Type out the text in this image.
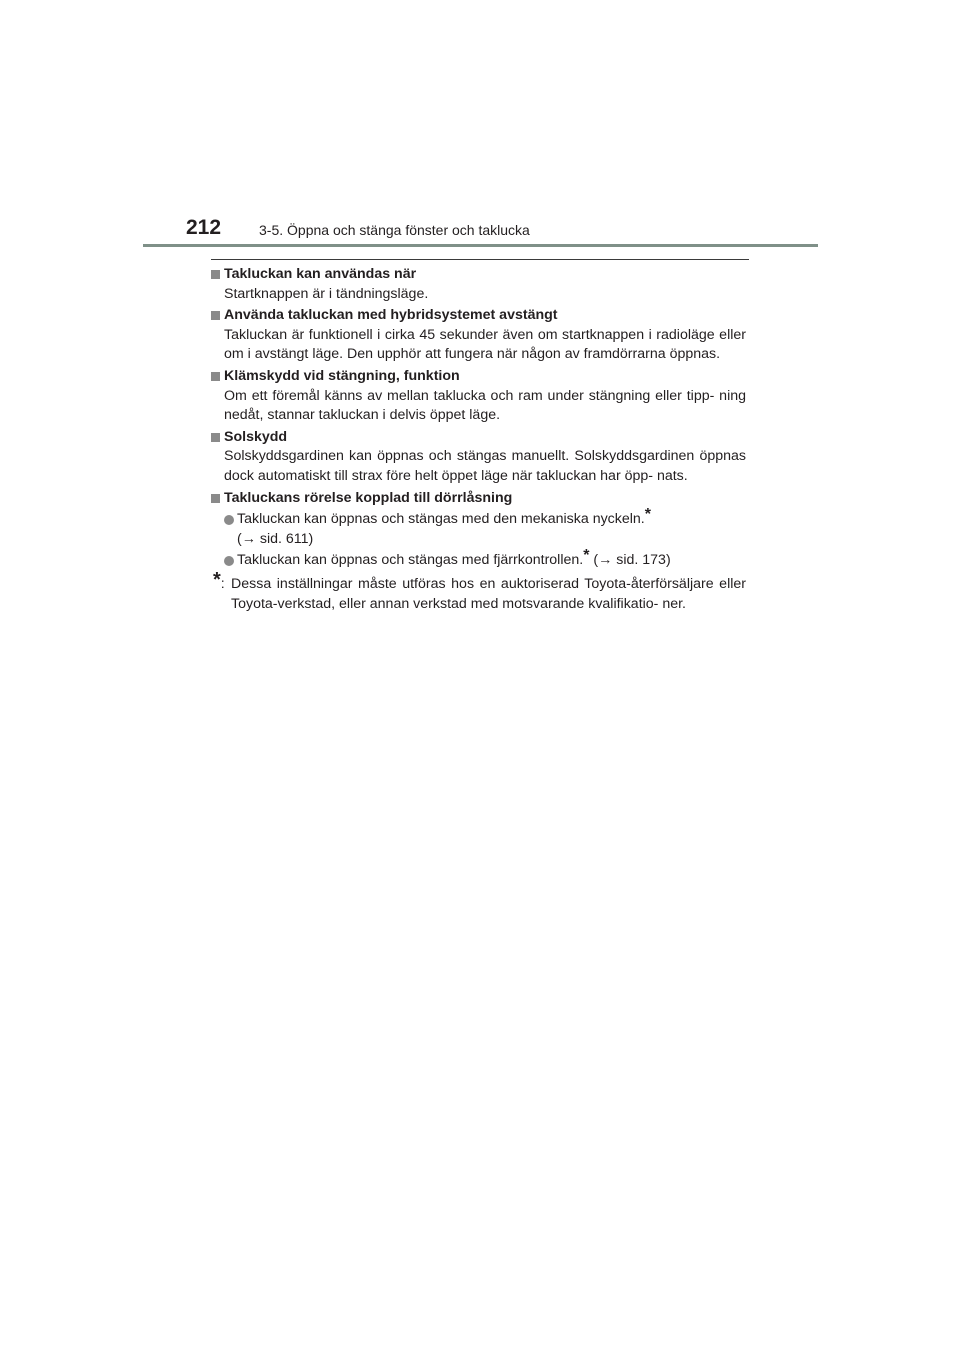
212	3-5. Öppna och stänga fönster och taklucka
Takluckan kan användas när
Startknappen är i tändningsläge.
Använda takluckan med hybridsystemet avstängt
Takluckan är funktionell i cirka 45 sekunder även om startknappen i radioläge eller om i avstängt läge. Den upphör att fungera när någon av framdörrarna öppnas.
Klämskydd vid stängning, funktion
Om ett föremål känns av mellan taklucka och ram under stängning eller tipp- ning nedåt, stannar takluckan i delvis öppet läge.
Solskydd
Solskyddsgardinen kan öppnas och stängas manuellt. Solskyddsgardinen öppnas dock automatiskt till strax före helt öppet läge när takluckan har öpp- nats.
Takluckans rörelse kopplad till dörrlåsning
Takluckan kan öppnas och stängas med den mekaniska nyckeln.*
(→ sid. 611)
Takluckan kan öppnas och stängas med fjärrkontrollen.* (→ sid. 173)
*: Dessa inställningar måste utföras hos en auktoriserad Toyota-återförsäljare eller Toyota-verkstad, eller annan verkstad med motsvarande kvalifikatio- ner.
